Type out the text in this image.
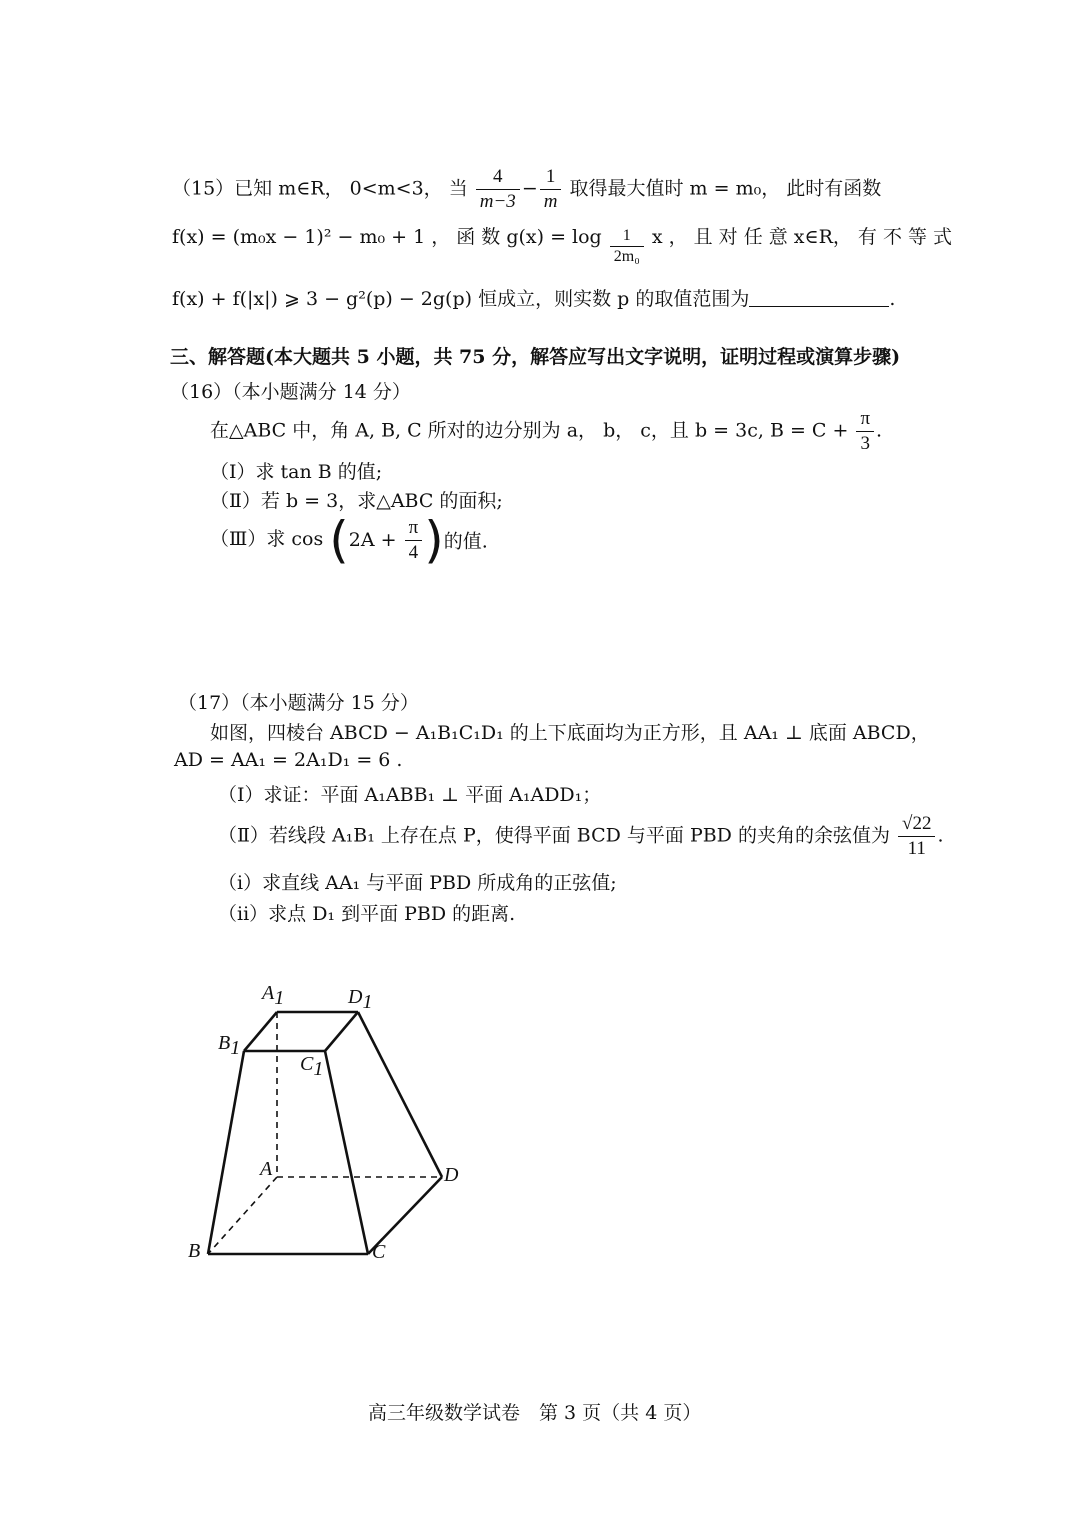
（15）已知 m∈R， 0<m<3， 当 $\frac{4}{m-3} - \frac{1}{m}$ 取得最大值时 m = m₀， 此时有函数
f(x) = (m₀x − 1)² − m₀ + 1 ， 函 数 $g(x) = \log \frac{1}{\text{2m₀}}$ x ， 且 对 任 意 x∈R， 有 不 等 式
f(x) + f(|x|) ⩾ 3 − g²(p) − 2g(p) 恒成立，则实数 p 的取值范围为	.
三、解答题(本大题共 5 小题，共 75 分，解答应写出文字说明，证明过程或演算步骤)
（16）（本小题满分 14 分）
在△ABC 中，角 A, B, C 所对的边分别为 a， b， c，且 b = 3c, $B = C + \frac{\pi}{3}$ .
（Ⅰ）求 tan B 的值;
（Ⅱ）若 b = 3，求△ABC 的面积;
（Ⅲ）求 $\cos (2A + \frac{\pi}{4}$ )的值.
（17）（本小题满分 15 分）
如图，四棱台 ABCD − A₁B₁C₁D₁ 的上下底面均为正方形，且 AA₁ ⊥ 底面 ABCD，
AD = AA₁ = 2A₁D₁ = 6 .
（Ⅰ）求证：平面 A₁ABB₁ ⊥ 平面 A₁ADD₁；
（Ⅱ）若线段 A₁B₁ 上存在点 P，使得平面 BCD 与平面 PBD 的夹角的余弦值为 $\frac{√22}{11}$ .
（i）求直线 AA₁ 与平面 PBD 所成角的正弦值;
（ii）求点 D₁ 到平面 PBD 的距离.
A1	D1
B1
C1
A	D
B	C
高三年级数学试卷　第 3 页（共 4 页）
